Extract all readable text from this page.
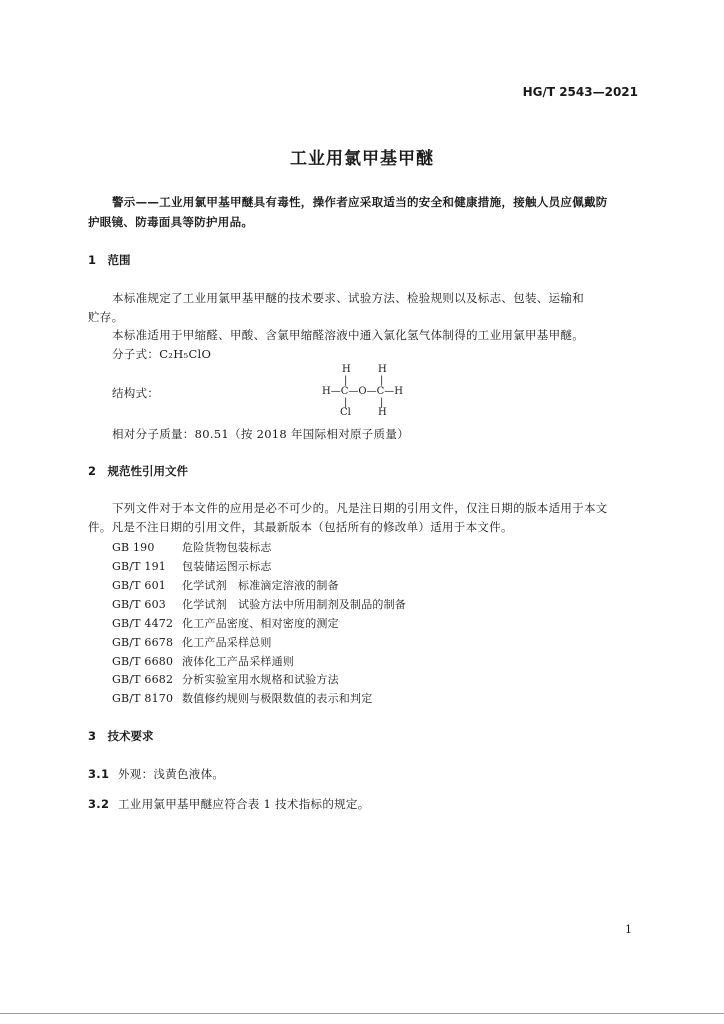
HG/T 2543—2021
工业用氯甲基甲醚
警示——工业用氯甲基甲醚具有毒性，操作者应采取适当的安全和健康措施，接触人员应佩戴防
护眼镜、防毒面具等防护用品。
1　范围
本标准规定了工业用氯甲基甲醚的技术要求、试验方法、检验规则以及标志、包装、运输和
贮存。
本标准适用于甲缩醛、甲酸、含氯甲缩醛溶液中通入氯化氢气体制得的工业用氯甲基甲醚。
分子式：C₂H₅ClO
结构式：
H	H
|	|
H—C—O—C—H
|	|
Cl	H
相对分子质量：80.51（按 2018 年国际相对原子质量）
2　规范性引用文件
下列文件对于本文件的应用是必不可少的。凡是注日期的引用文件，仅注日期的版本适用于本文
件。凡是不注日期的引用文件，其最新版本（包括所有的修改单）适用于本文件。
GB 190 危险货物包装标志
GB/T 191 包装储运图示标志
GB/T 601 化学试剂　标准滴定溶液的制备
GB/T 603 化学试剂　试验方法中所用制剂及制品的制备
GB/T 4472 化工产品密度、相对密度的测定
GB/T 6678 化工产品采样总则
GB/T 6680 液体化工产品采样通则
GB/T 6682 分析实验室用水规格和试验方法
GB/T 8170 数值修约规则与极限数值的表示和判定
3　技术要求
3.1 外观：浅黄色液体。
3.2 工业用氯甲基甲醚应符合表 1 技术指标的规定。
1
